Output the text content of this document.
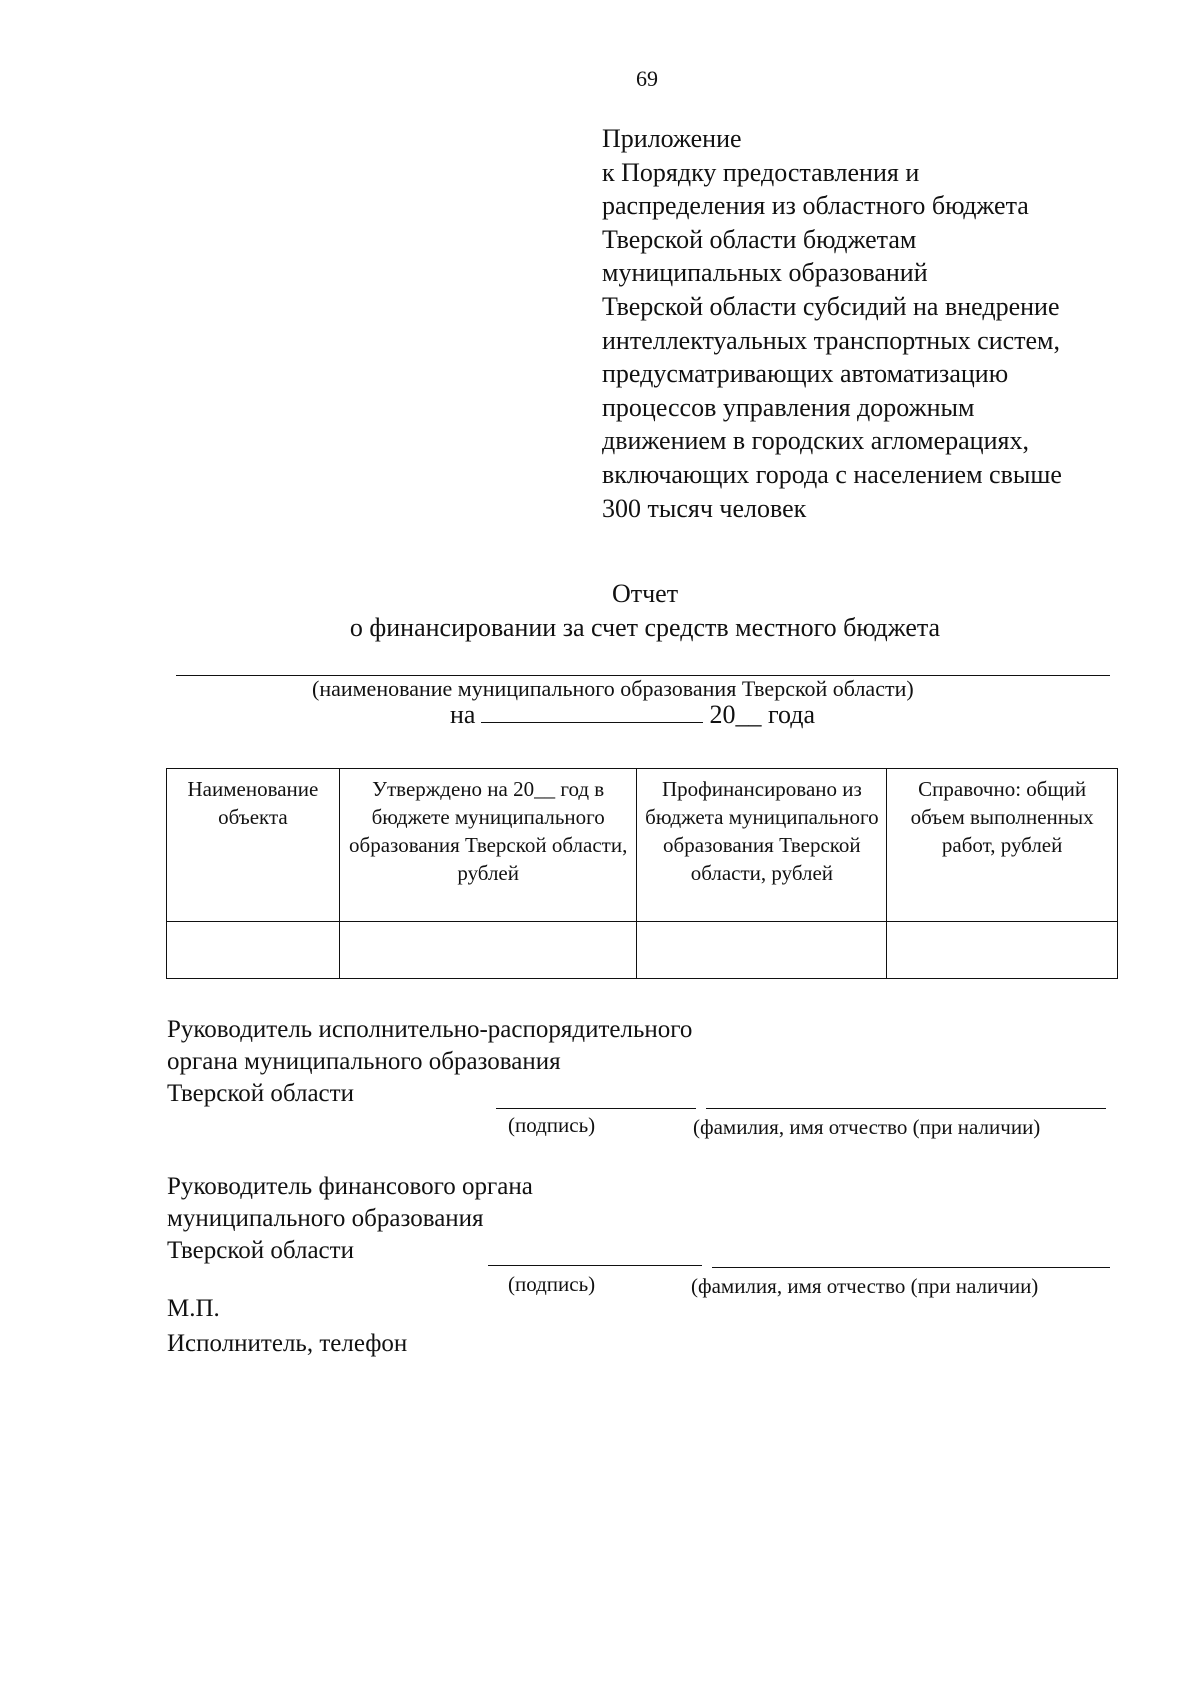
69
Приложение
к Порядку предоставления и
распределения из областного бюджета
Тверской области бюджетам
муниципальных образований
Тверской области субсидий на внедрение
интеллектуальных транспортных систем,
предусматривающих автоматизацию
процессов управления дорожным
движением в городских агломерациях,
включающих города с населением свыше
300 тысяч человек
Отчет
о финансировании за счет средств местного бюджета
(наименование муниципального образования Тверской области)
на	20__ года
Наименование объекта	Утверждено на 20__ год в бюджете муниципального образования Тверской области, рублей	Профинансировано из бюджета муниципального образования Тверской области, рублей	Справочно: общий объем выполненных работ, рублей

Руководитель исполнительно-распорядительного
органа муниципального образования
Тверской области
(подпись)	(фамилия, имя отчество (при наличии)
Руководитель финансового органа
муниципального образования
Тверской области
(подпись)	(фамилия, имя отчество (при наличии)
М.П.
Исполнитель, телефон
